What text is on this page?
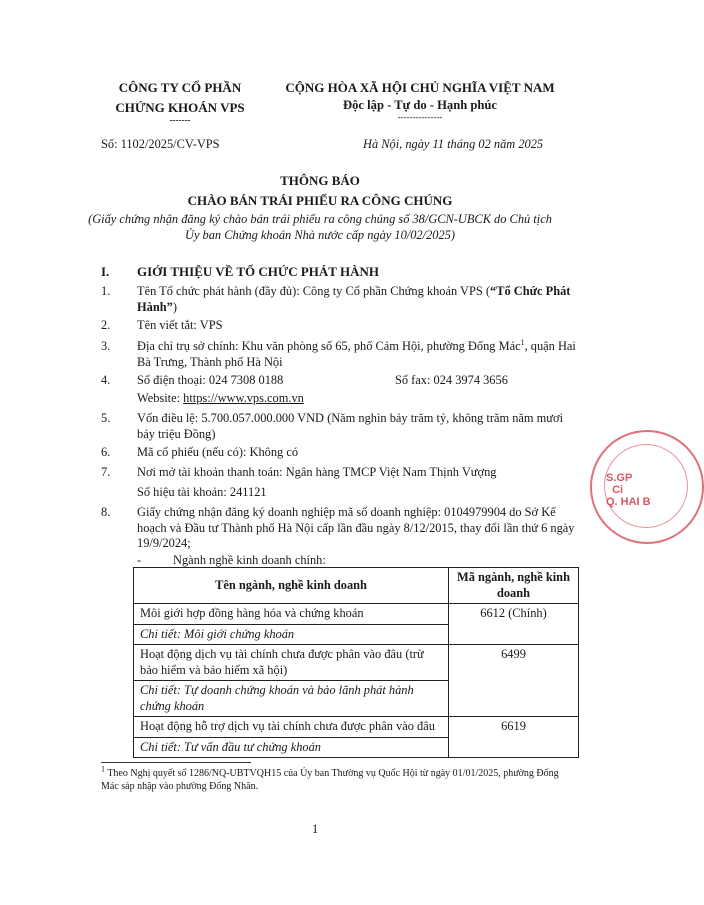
CÔNG TY CỔ PHẦN
CHỨNG KHOÁN VPS
-------
Số: 1102/2025/CV-VPS
CỘNG HÒA XÃ HỘI CHỦ NGHĨA VIỆT NAM
Độc lập - Tự do - Hạnh phúc
---------------
Hà Nội, ngày 11 tháng 02 năm 2025
THÔNG BÁO
CHÀO BÁN TRÁI PHIẾU RA CÔNG CHÚNG
(Giấy chứng nhận đăng ký chào bán trái phiếu ra công chúng số 38/GCN-UBCK do Chủ tịch
Ủy ban Chứng khoán Nhà nước cấp ngày 10/02/2025)
I. GIỚI THIỆU VỀ TỔ CHỨC PHÁT HÀNH
1. Tên Tổ chức phát hành (đầy đủ): Công ty Cổ phần Chứng khoán VPS (“Tổ Chức Phát Hành”)
2. Tên viết tắt: VPS
3. Địa chỉ trụ sở chính: Khu văn phòng số 65, phố Cảm Hội, phường Đống Mác$^1$, quận Hai Bà Trưng, Thành phố Hà Nội
4. Số điện thoại: 024 7308 0188	Số fax: 024 3974 3656
Website: https://www.vps.com.vn
5. Vốn điều lệ: 5.700.057.000.000 VND (Năm nghìn bảy trăm tỷ, không trăm năm mươi bảy triệu Đồng)
6. Mã cổ phiếu (nếu có): Không có
7. Nơi mở tài khoản thanh toán: Ngân hàng TMCP Việt Nam Thịnh Vượng
Số hiệu tài khoản: 241121
8. Giấy chứng nhận đăng ký doanh nghiệp mã số doanh nghiệp: 0104979904 do Sở Kế hoạch và Đầu tư Thành phố Hà Nội cấp lần đầu ngày 8/12/2015, thay đổi lần thứ 6 ngày 19/9/2024;
-	Ngành nghề kinh doanh chính:
Tên ngành, nghề kinh doanh	Mã ngành, nghề kinh doanh

Môi giới hợp đồng hàng hóa và chứng khoán	6612 (Chính)
Chi tiết: Môi giới chứng khoán	
Hoạt động dịch vụ tài chính chưa được phân vào đâu (trừ bảo hiểm và bảo hiểm xã hội)	6499
Chi tiết: Tự doanh chứng khoán và bảo lãnh phát hành chứng khoán	
Hoạt động hỗ trợ dịch vụ tài chính chưa được phân vào đâu	6619
Chi tiết: Tư vấn đầu tư chứng khoán	
$^1$ Theo Nghị quyết số 1286/NQ-UBTVQH15 của Ủy ban Thường vụ Quốc Hội từ ngày 01/01/2025, phường Đống Mác sáp nhập vào phường Đống Nhân.
1
S.GP
Ci
Q. HAI B
